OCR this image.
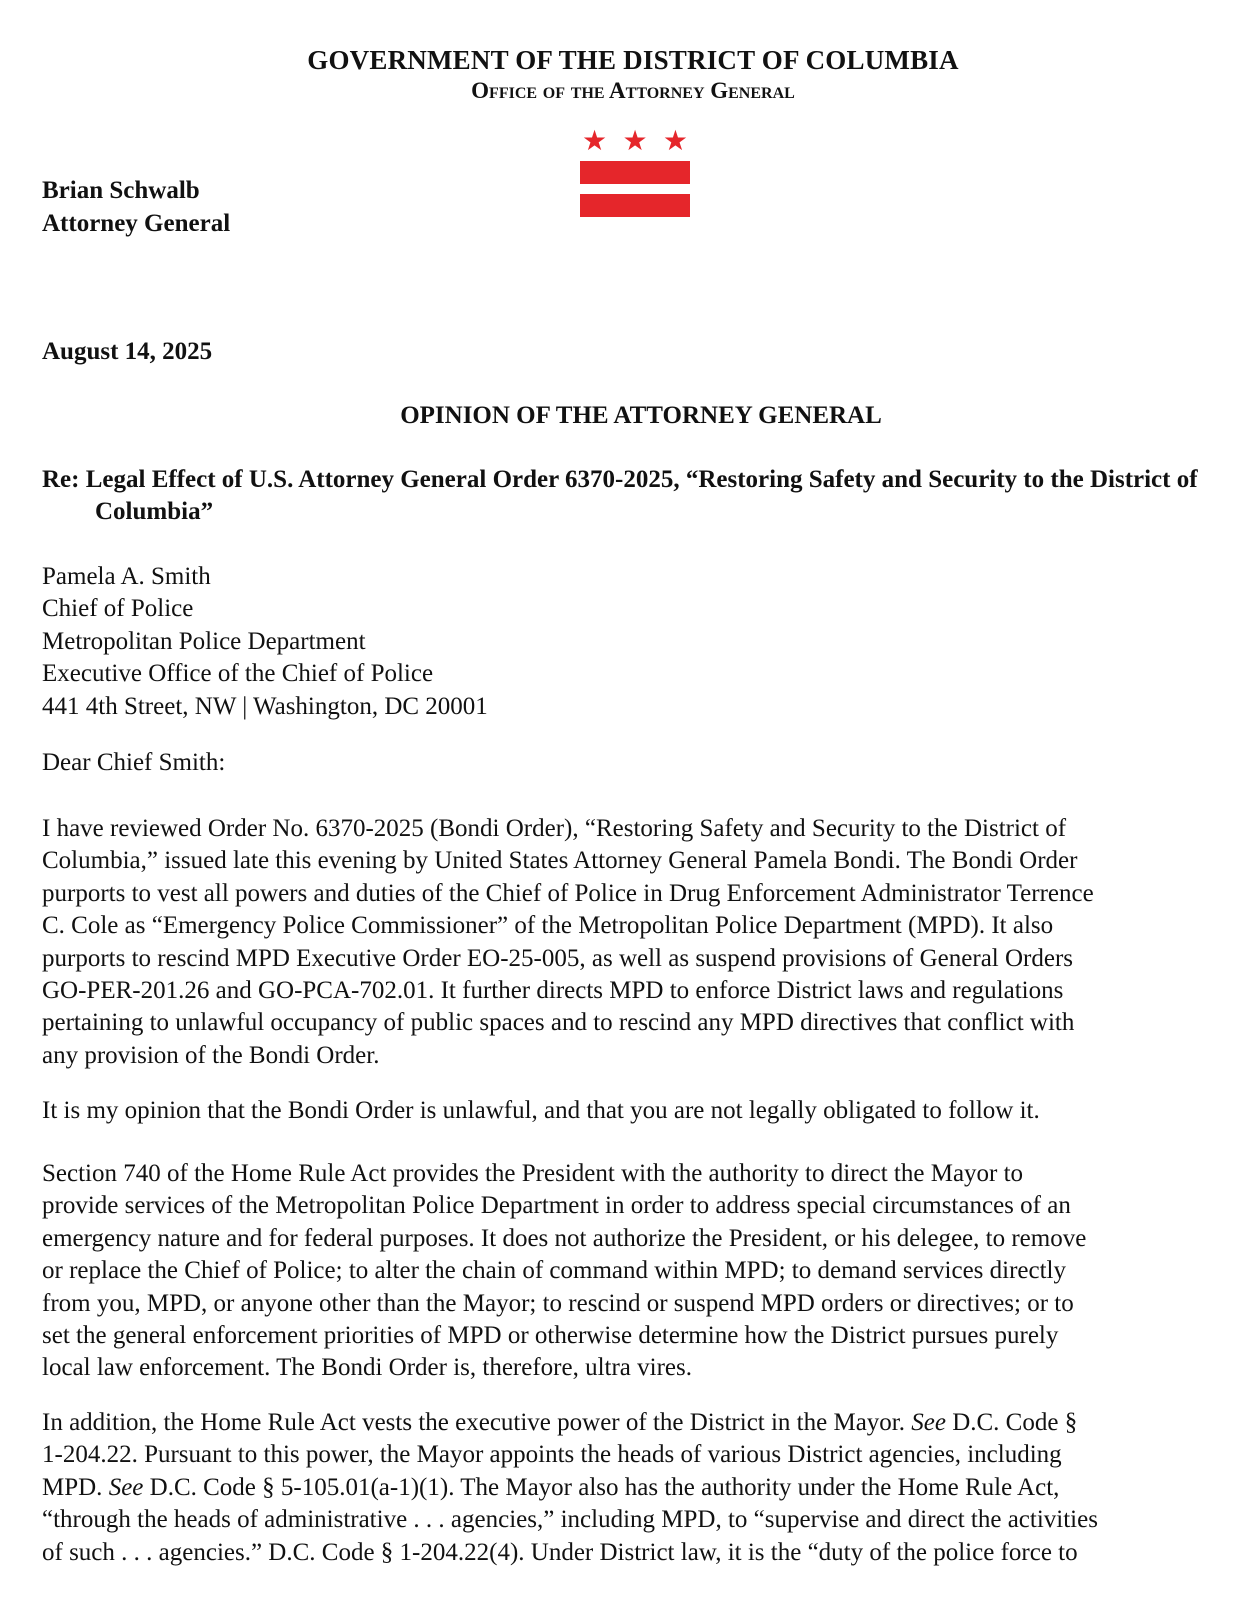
GOVERNMENT OF THE DISTRICT OF COLUMBIA
Office of the Attorney General
★ ★ ★
Brian Schwalb
Attorney General
August 14, 2025
OPINION OF THE ATTORNEY GENERAL
Re: Legal Effect of U.S. Attorney General Order 6370-2025, “Restoring Safety and Security to the District of Columbia”
Pamela A. Smith
Chief of Police
Metropolitan Police Department
Executive Office of the Chief of Police
441 4th Street, NW | Washington, DC 20001
Dear Chief Smith:
I have reviewed Order No. 6370-2025 (Bondi Order), “Restoring Safety and Security to the District of
Columbia,” issued late this evening by United States Attorney General Pamela Bondi. The Bondi Order
purports to vest all powers and duties of the Chief of Police in Drug Enforcement Administrator Terrence
C. Cole as “Emergency Police Commissioner” of the Metropolitan Police Department (MPD). It also
purports to rescind MPD Executive Order EO-25-005, as well as suspend provisions of General Orders
GO-PER-201.26 and GO-PCA-702.01. It further directs MPD to enforce District laws and regulations
pertaining to unlawful occupancy of public spaces and to rescind any MPD directives that conflict with
any provision of the Bondi Order.
It is my opinion that the Bondi Order is unlawful, and that you are not legally obligated to follow it.
Section 740 of the Home Rule Act provides the President with the authority to direct the Mayor to
provide services of the Metropolitan Police Department in order to address special circumstances of an
emergency nature and for federal purposes. It does not authorize the President, or his delegee, to remove
or replace the Chief of Police; to alter the chain of command within MPD; to demand services directly
from you, MPD, or anyone other than the Mayor; to rescind or suspend MPD orders or directives; or to
set the general enforcement priorities of MPD or otherwise determine how the District pursues purely
local law enforcement. The Bondi Order is, therefore, ultra vires.
In addition, the Home Rule Act vests the executive power of the District in the Mayor. See D.C. Code §
1-204.22. Pursuant to this power, the Mayor appoints the heads of various District agencies, including
MPD. See D.C. Code § 5-105.01(a-1)(1). The Mayor also has the authority under the Home Rule Act,
“through the heads of administrative . . . agencies,” including MPD, to “supervise and direct the activities
of such . . . agencies.” D.C. Code § 1-204.22(4). Under District law, it is the “duty of the police force to
